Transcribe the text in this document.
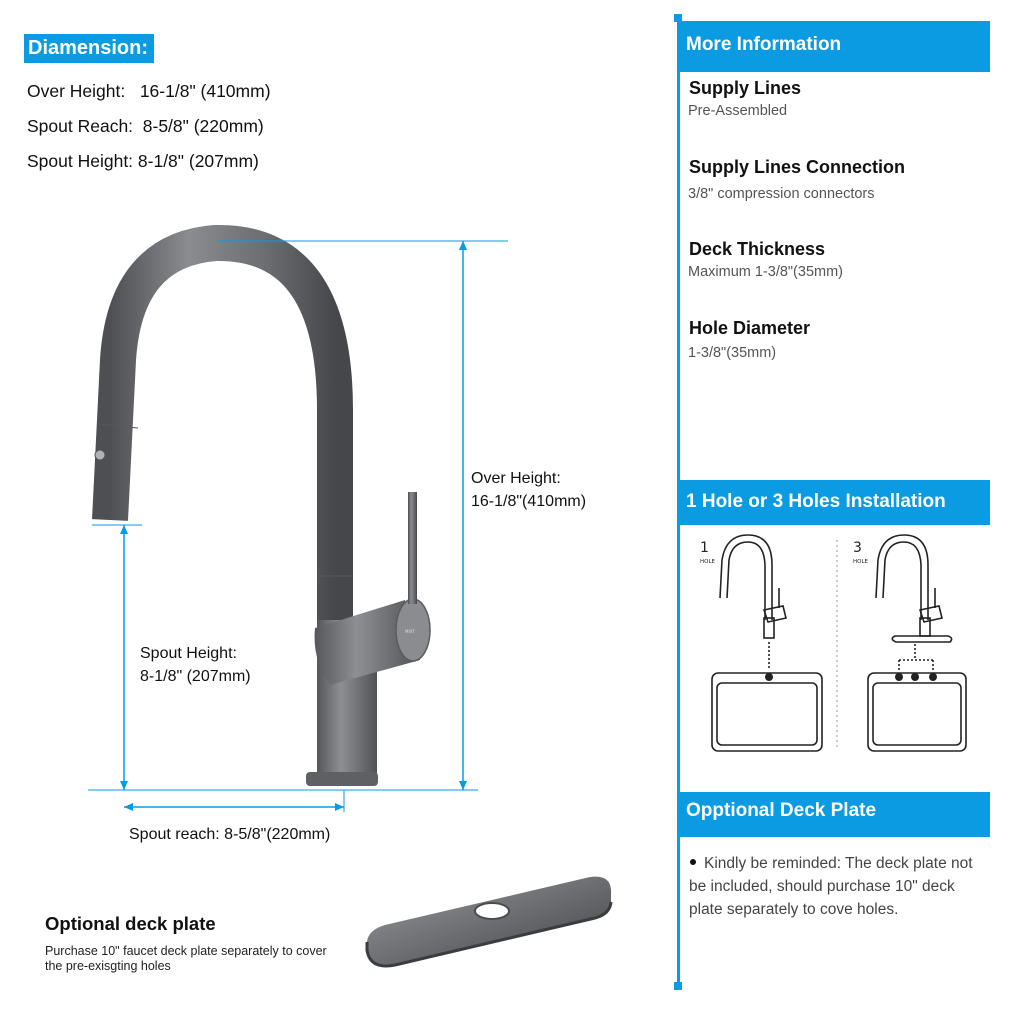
Diamension:
Over Height:   16-1/8" (410mm)
Spout Reach:  8-5/8" (220mm)
Spout Height: 8-1/8" (207mm)
MIXT
Over Height:
16-1/8"(410mm)
Spout Height:
8-1/8" (207mm)
Spout reach: 8-5/8"(220mm)
Optional deck plate
Purchase 10" faucet deck plate separately to cover the pre-exisgting holes
More Information
Supply Lines
Pre-Assembled
Supply Lines Connection
3/8" compression connectors
Deck Thickness
Maximum 1-3/8"(35mm)
Hole Diameter
1-3/8"(35mm)
1 Hole or 3 Holes Installation
1
HOLE
3
HOLE
Opptional Deck Plate
Kindly be reminded: The deck plate not be included, should purchase 10" deck plate separately to cove holes.
